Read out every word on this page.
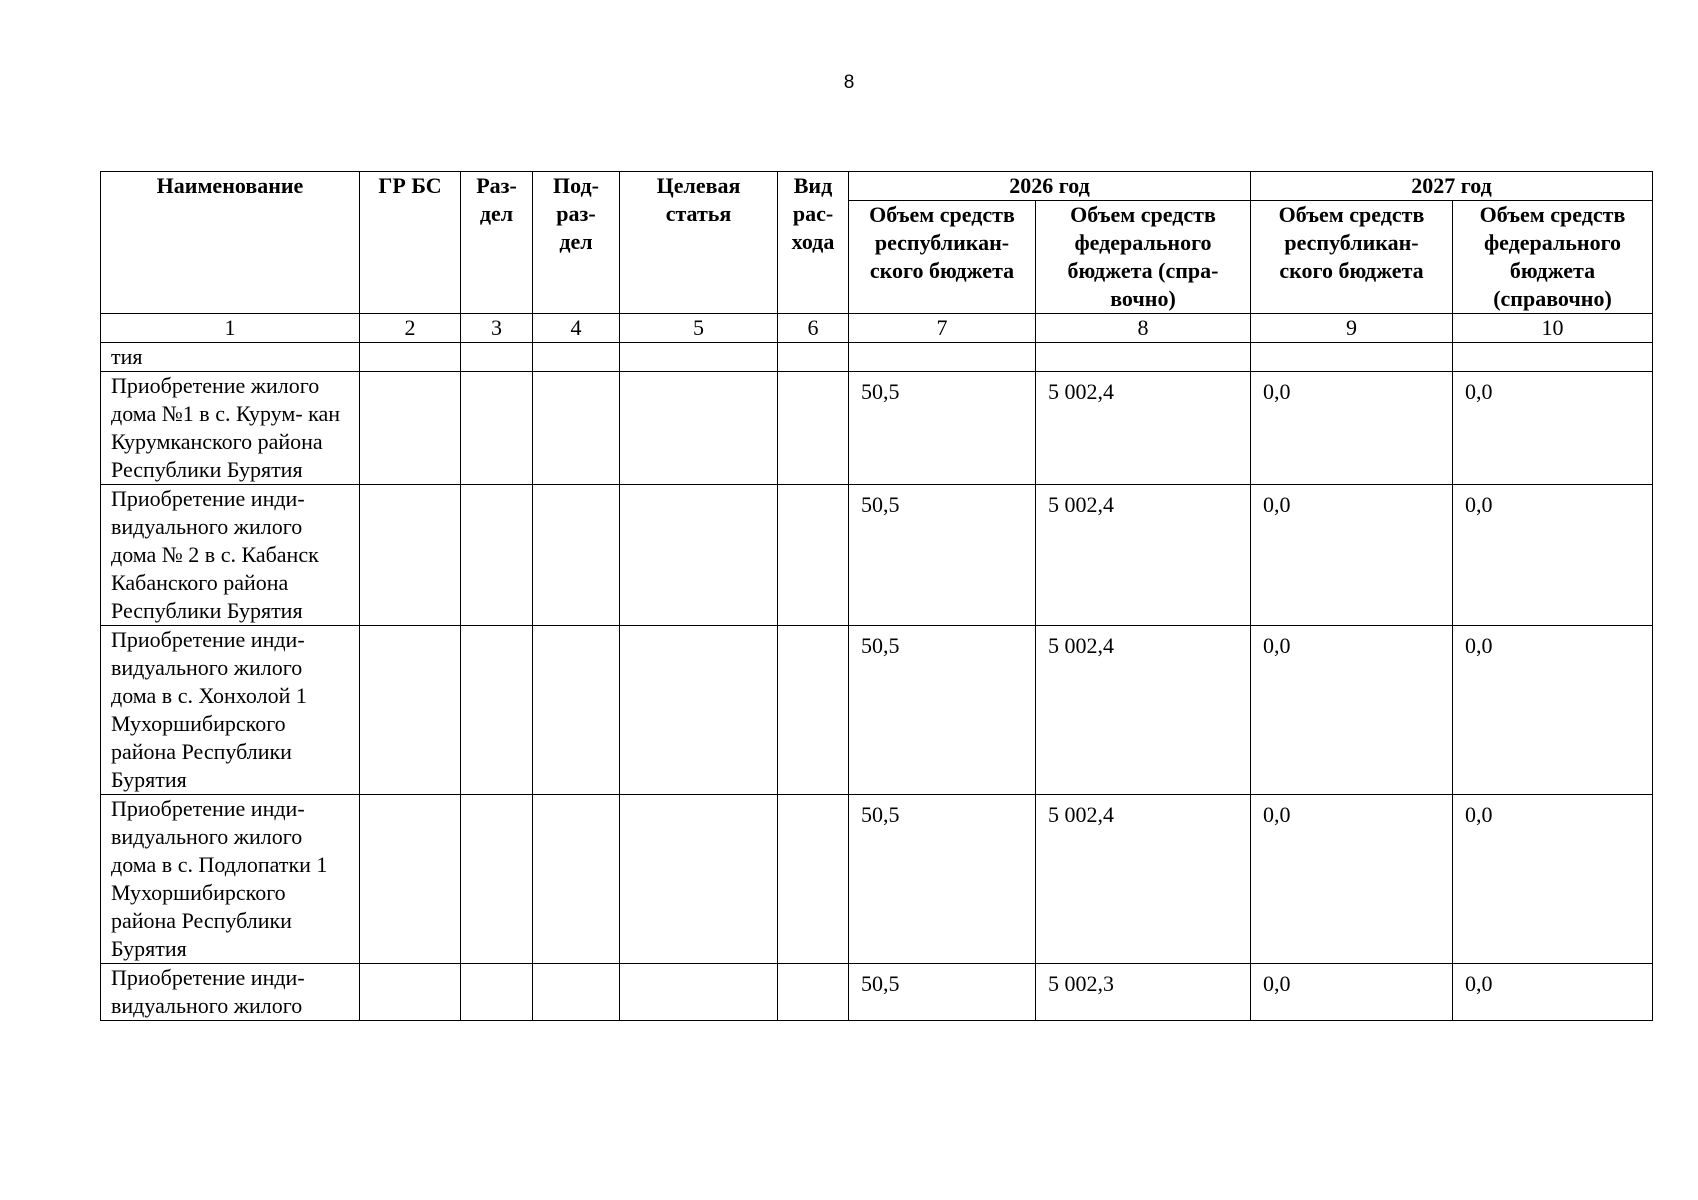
8
Наименование	ГР БС	Раз- дел	Под- раз- дел	Целевая статья	Вид рас- хода	2026 год		2027 год	
						Объем средств республикан- ского бюджета	Объем средств федерального бюджета (спра- вочно)	Объем средств республикан- ского бюджета	Объем средств федерального бюджета (справочно)
1	2	3	4	5	6	7	8	9	10
тия									
Приобретение жилого дома №1 в с. Курум- кан Курумканского района Республики Бурятия						50,5	5 002,4	0,0	0,0
Приобретение инди- видуального жилого дома № 2 в с. Кабанск Кабанского района Республики Бурятия						50,5	5 002,4	0,0	0,0
Приобретение инди- видуального жилого дома в с. Хонхолой 1 Мухоршибирского района Республики Бурятия						50,5	5 002,4	0,0	0,0
Приобретение инди- видуального жилого дома в с. Подлопатки 1 Мухоршибирского района Республики Бурятия						50,5	5 002,4	0,0	0,0
Приобретение инди- видуального жилого						50,5	5 002,3	0,0	0,0
